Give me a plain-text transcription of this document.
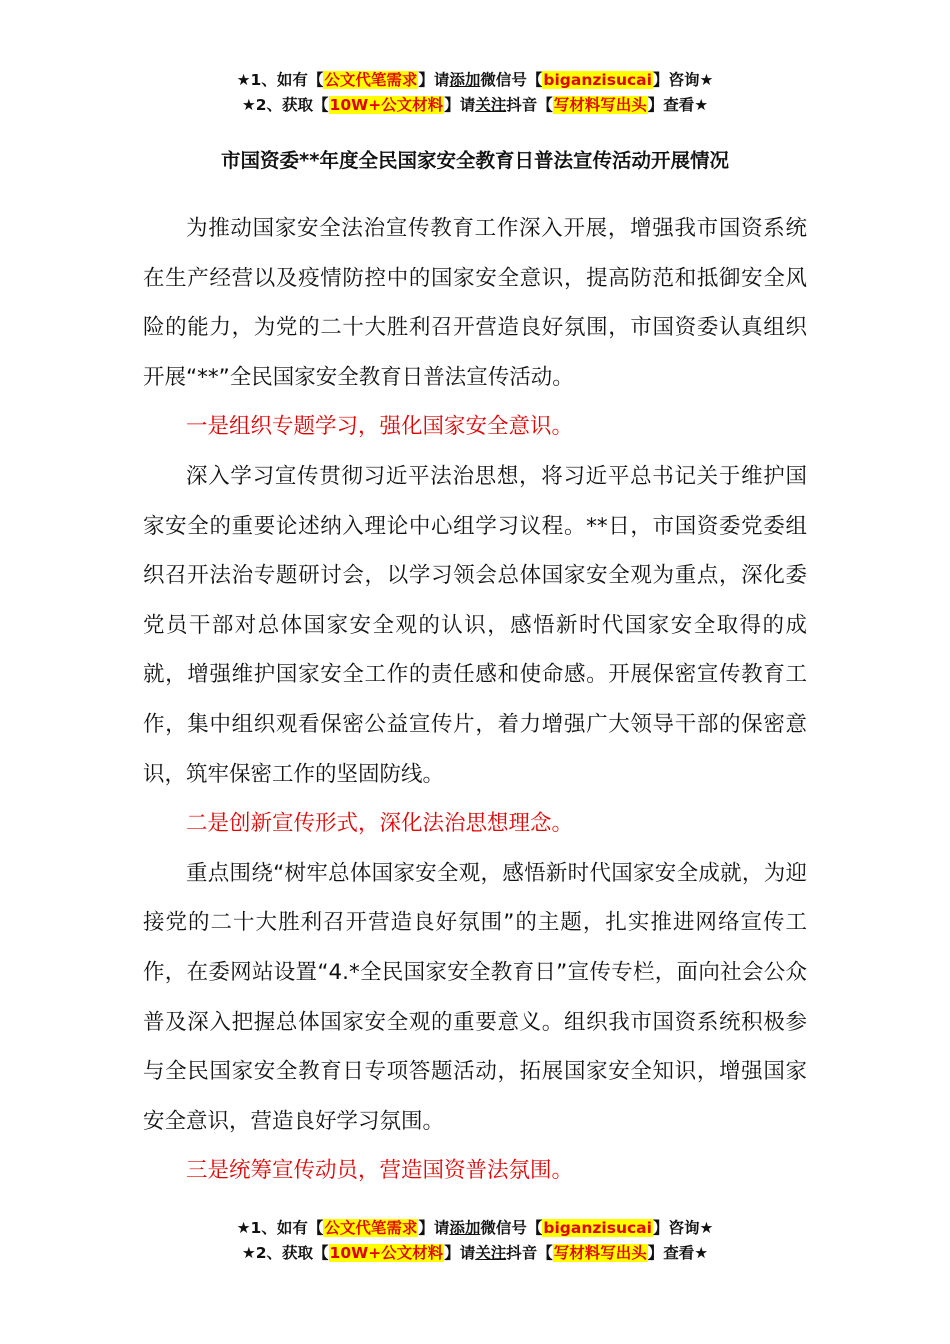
★1、如有【公文代笔需求】请添加微信号【biganzisucai】咨询★
★2、获取【10W+公文材料】请关注抖音【写材料写出头】查看★
市国资委**年度全民国家安全教育日普法宣传活动开展情况

为推动国家安全法治宣传教育工作深入开展，增强我市国资系统在生产经营以及疫情防控中的国家安全意识，提高防范和抵御安全风险的能力，为党的二十大胜利召开营造良好氛围，市国资委认真组织开展“**”全民国家安全教育日普法宣传活动。

一是组织专题学习，强化国家安全意识。

深入学习宣传贯彻习近平法治思想，将习近平总书记关于维护国家安全的重要论述纳入理论中心组学习议程。**日，市国资委党委组织召开法治专题研讨会，以学习领会总体国家安全观为重点，深化委党员干部对总体国家安全观的认识，感悟新时代国家安全取得的成就，增强维护国家安全工作的责任感和使命感。开展保密宣传教育工作，集中组织观看保密公益宣传片，着力增强广大领导干部的保密意识，筑牢保密工作的坚固防线。

二是创新宣传形式，深化法治思想理念。

重点围绕“树牢总体国家安全观，感悟新时代国家安全成就，为迎接党的二十大胜利召开营造良好氛围”的主题，扎实推进网络宣传工作，在委网站设置“4.*全民国家安全教育日”宣传专栏，面向社会公众普及深入把握总体国家安全观的重要意义。组织我市国资系统积极参与全民国家安全教育日专项答题活动，拓展国家安全知识，增强国家安全意识，营造良好学习氛围。

三是统筹宣传动员，营造国资普法氛围。

★1、如有【公文代笔需求】请添加微信号【biganzisucai】咨询★
★2、获取【10W+公文材料】请关注抖音【写材料写出头】查看★
